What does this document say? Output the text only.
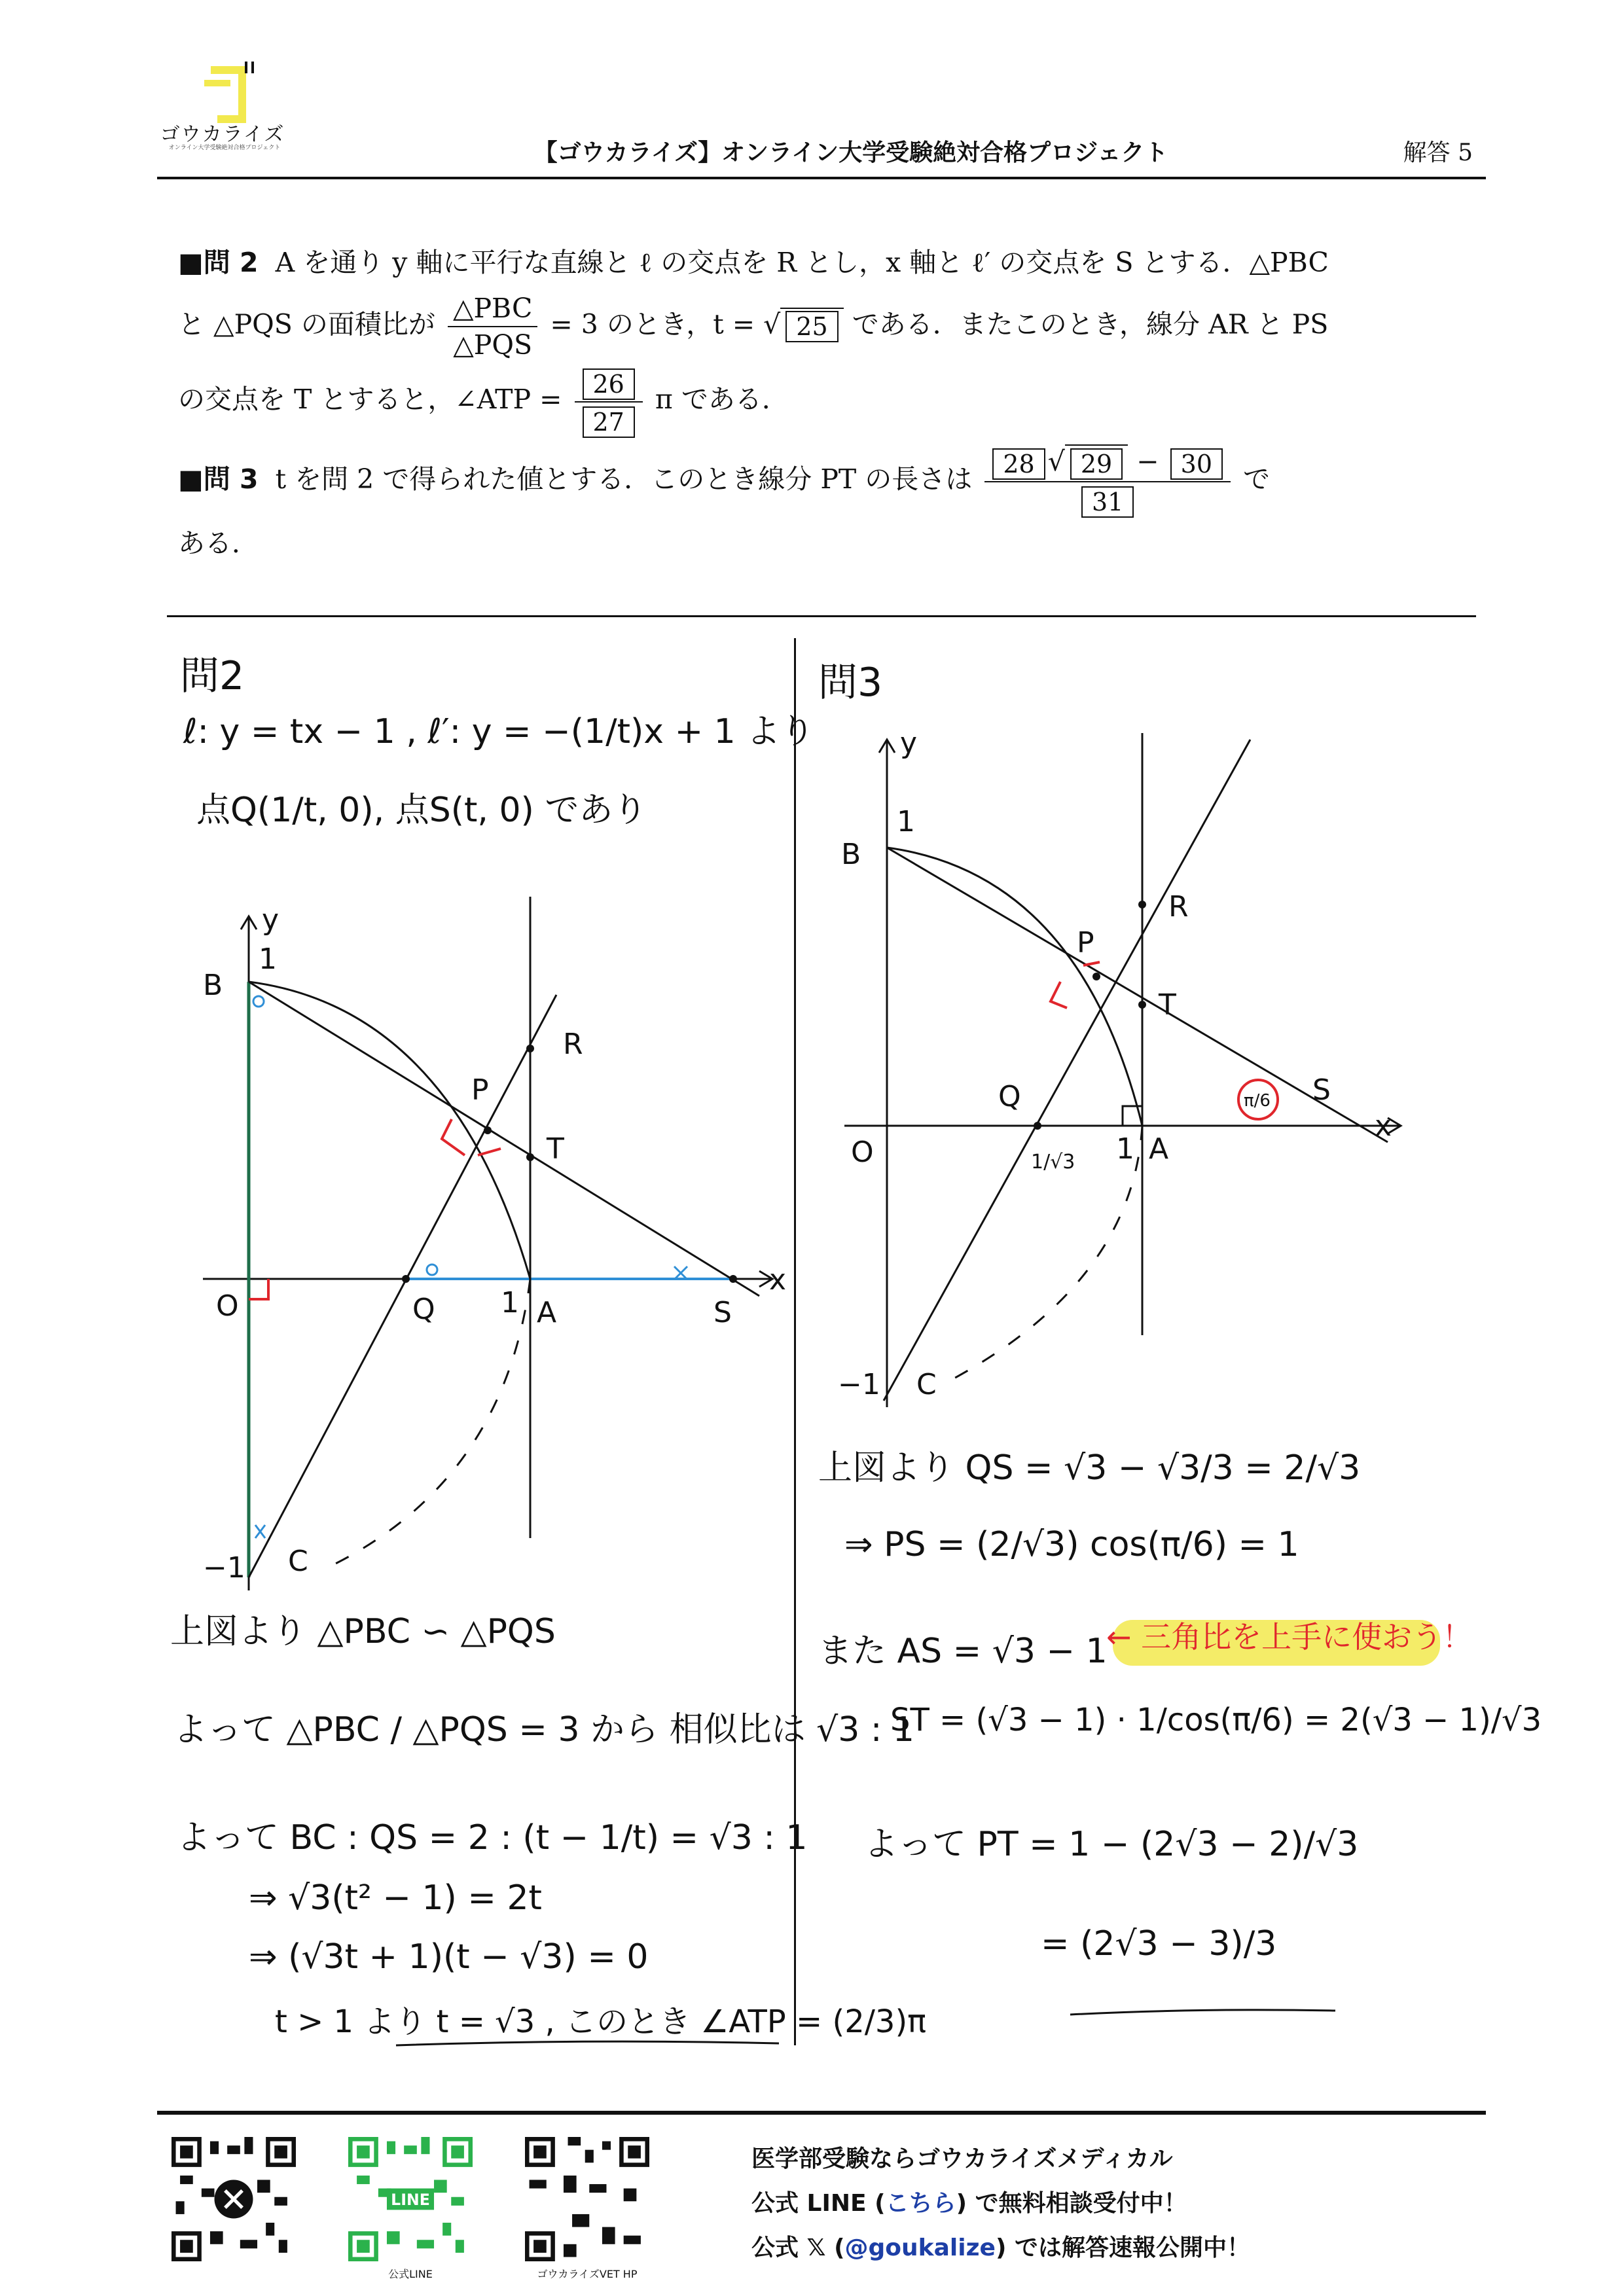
ゴウカライズ
オンライン大学受験絶対合格プロジェクト	【ゴウカライズ】オンライン大学受験絶対合格プロジェクト	解答 5
■問 2 A を通り y 軸に平行な直線と ℓ の交点を R とし，x 軸と ℓ′ の交点を S とする．△PBC
と △PQS の面積比が $\frac{\text{△PBC}}{\text{△PQS}} = 3$ のとき，t = √ 25 である．またこのとき，線分 AR と PS
の交点を T とすると，∠ATP = $\frac{26}{27}$ π である．
■問 3 t を問 2 で得られた値とする．このとき線分 PT の長さは $\frac{28 √ 29 - 30}{31}$ で
ある．
問2
ℓ: y = tx − 1 , ℓ′: y = −(1/t)x + 1 より
点Q(1/t, 0), 点S(t, 0) であり
y
B
1
P
R
T
O	Q 1 A	S
x
−1 C
上図より △PBC ∽ △PQS
よって △PBC / △PQS = 3 から 相似比は √3 : 1
よって BC : QS = 2 : (t − 1/t) = √3 : 1
⇒ √3(t² − 1) = 2t
⇒ (√3t + 1)(t − √3) = 0
t > 1 より t = √3 , このとき ∠ATP = (2/3)π
問3
y
B
1
R
P
T
Q	π/6 S
x
O	1/√3 1 A
−1 C
上図より QS = √3 − √3/3 = 2/√3
⇒ PS = (2/√3) cos(π/6) = 1
また AS = √3 − 1
← 三角比を上手に使おう！
ST = (√3 − 1) · 1/cos(π/6) = 2(√3 − 1)/√3
よって PT = 1 − (2√3 − 2)/√3
= (2√3 − 3)/3
LINE
公式LINE	ゴウカライズVET HP
医学部受験ならゴウカライズメディカル
公式 LINE (こちら) で無料相談受付中！
公式 𝕏 (@goukalize) では解答速報公開中！
